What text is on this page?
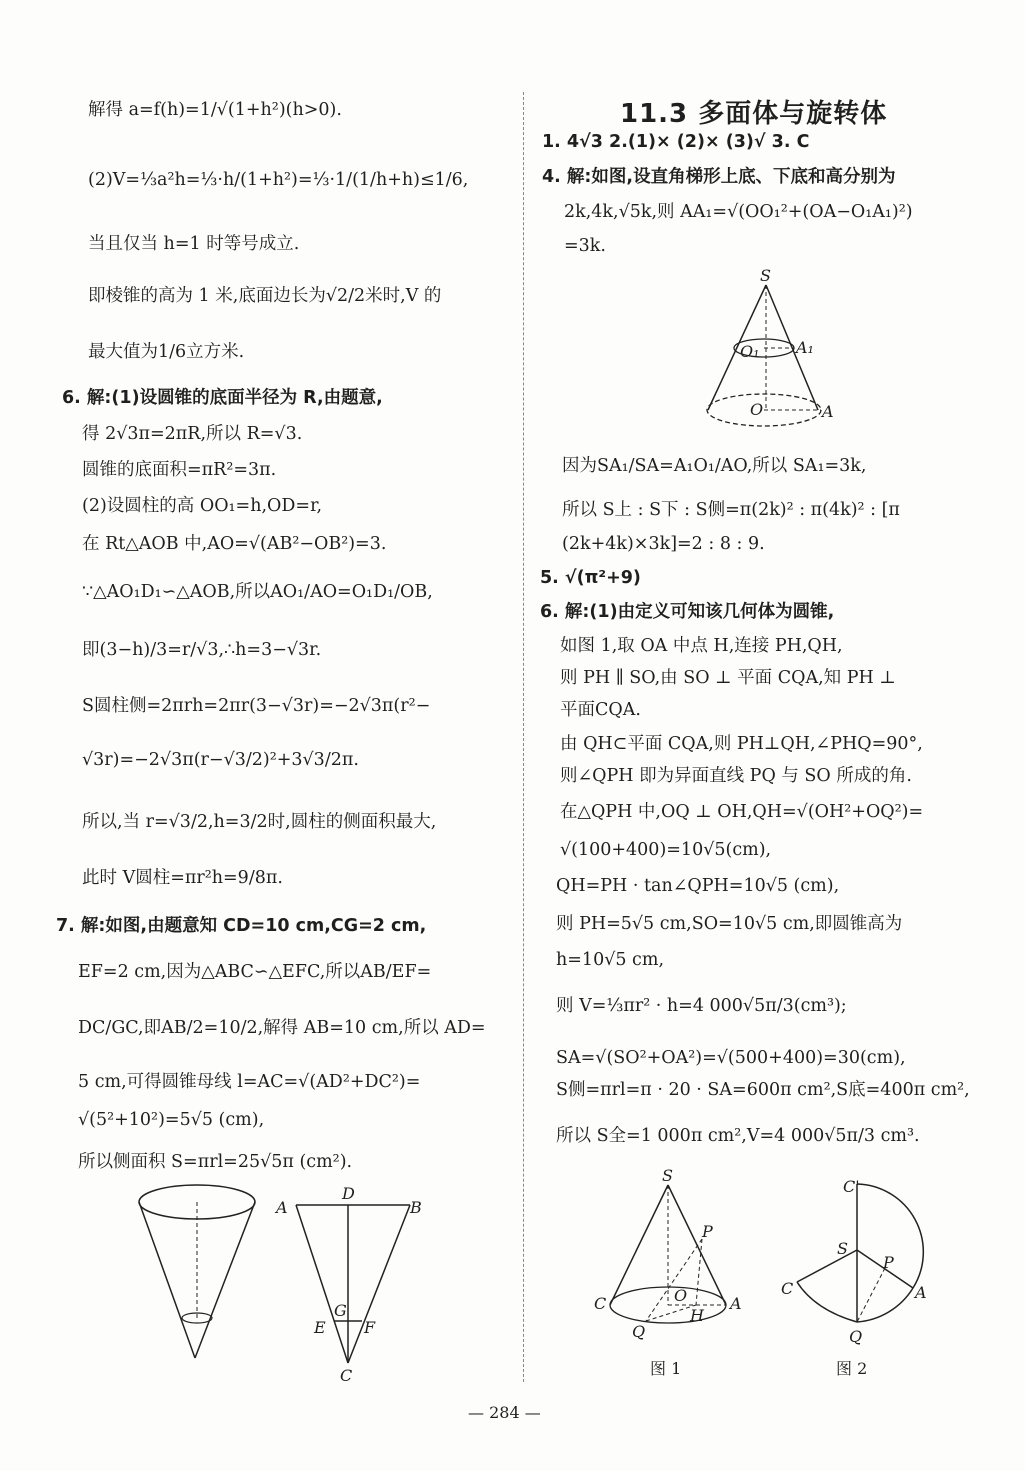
解得 a=f(h)=1/√(1+h²)(h>0).
(2)V=⅓a²h=⅓·h/(1+h²)=⅓·1/(1/h+h)≤1/6,
当且仅当 h=1 时等号成立.
即棱锥的高为 1 米,底面边长为√2/2米时,V 的
最大值为1/6立方米.
6. 解:(1)设圆锥的底面半径为 R,由题意,
得 2√3π=2πR,所以 R=√3.
圆锥的底面积=πR²=3π.
(2)设圆柱的高 OO₁=h,OD=r,
在 Rt△AOB 中,AO=√(AB²−OB²)=3.
∵△AO₁D₁∽△AOB,所以AO₁/AO=O₁D₁/OB,
即(3−h)/3=r/√3,∴h=3−√3r.
S圆柱侧=2πrh=2πr(3−√3r)=−2√3π(r²−
√3r)=−2√3π(r−√3/2)²+3√3/2π.
所以,当 r=√3/2,h=3/2时,圆柱的侧面积最大,
此时 V圆柱=πr²h=9/8π.
7. 解:如图,由题意知 CD=10 cm,CG=2 cm,
EF=2 cm,因为△ABC∽△EFC,所以AB/EF=
DC/GC,即AB/2=10/2,解得 AB=10 cm,所以 AD=
5 cm,可得圆锥母线 l=AC=√(AD²+DC²)=
√(5²+10²)=5√5 (cm),
所以侧面积 S=πrl=25√5π (cm²).
A
D
B
G
E F
C
11.3 多面体与旋转体
1. 4√3 2.(1)× (2)× (3)√ 3. C
4. 解:如图,设直角梯形上底、下底和高分别为
2k,4k,√5k,则 AA₁=√(OO₁²+(OA−O₁A₁)²)
=3k.
S
O₁ A₁
O	A
因为SA₁/SA=A₁O₁/AO,所以 SA₁=3k,
所以 S上 : S下 : S侧=π(2k)² : π(4k)² : [π
(2k+4k)×3k]=2 : 8 : 9.
5. √(π²+9)
6. 解:(1)由定义可知该几何体为圆锥,
如图 1,取 OA 中点 H,连接 PH,QH,
则 PH ∥ SO,由 SO ⊥ 平面 CQA,知 PH ⊥
平面CQA.
由 QH⊂平面 CQA,则 PH⊥QH,∠PHQ=90°,
则∠QPH 即为异面直线 PQ 与 SO 所成的角.
在△QPH 中,OQ ⊥ OH,QH=√(OH²+OQ²)=
√(100+400)=10√5(cm),
QH=PH · tan∠QPH=10√5 (cm),
则 PH=5√5 cm,SO=10√5 cm,即圆锥高为
h=10√5 cm,
则 V=⅓πr² · h=4 000√5π/3(cm³);
SA=√(SO²+OA²)=√(500+400)=30(cm),
S侧=πrl=π · 20 · SA=600π cm²,S底=400π cm²,
所以 S全=1 000π cm²,V=4 000√5π/3 cm³.
S
P
O
H
C	A
Q
图 1
C'
S
P
C	A
Q
图 2
— 284 —
